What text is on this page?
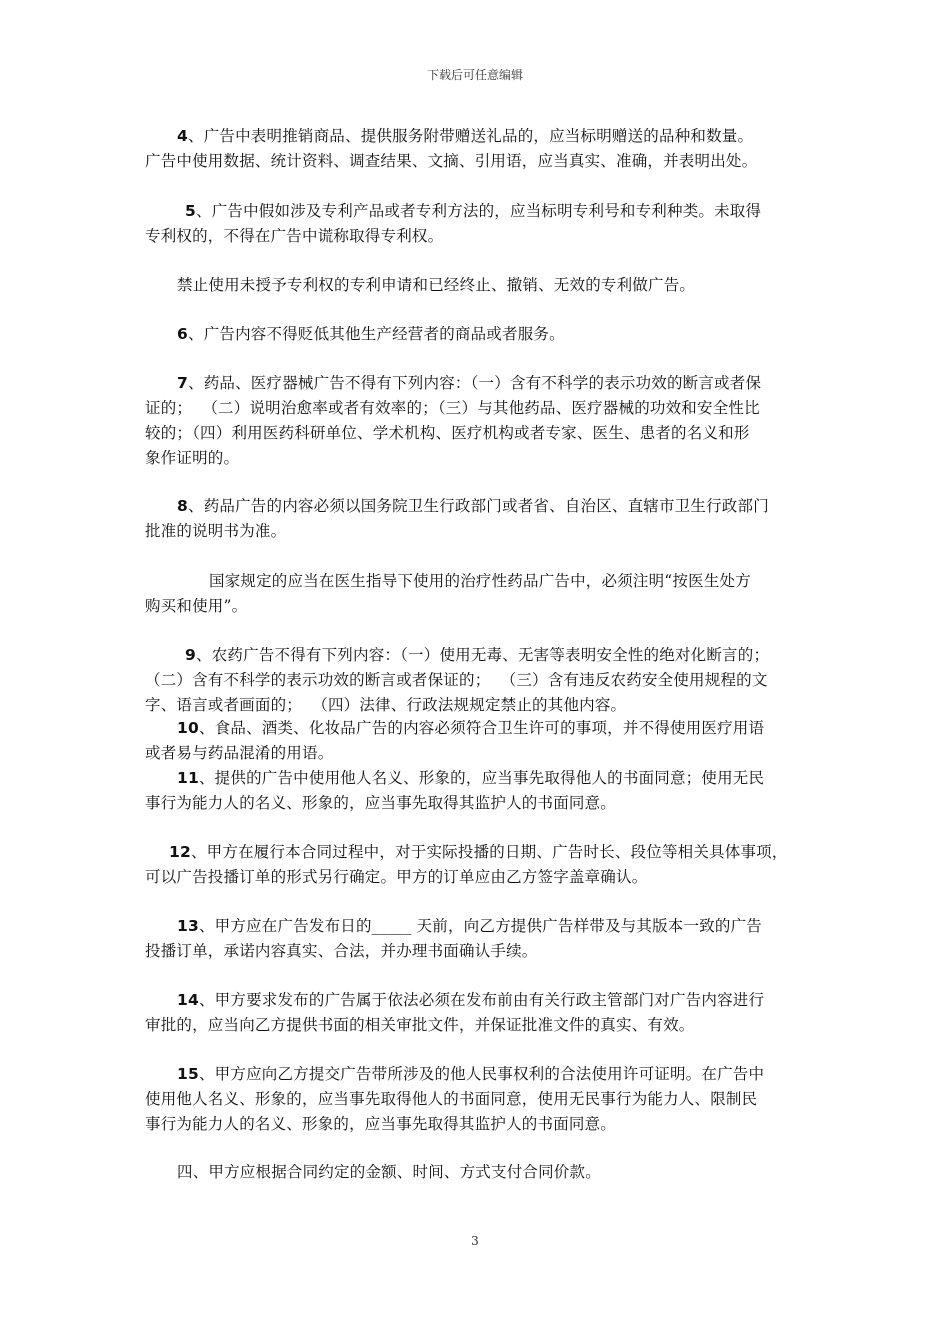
下载后可任意编辑
4、广告中表明推销商品、提供服务附带赠送礼品的，应当标明赠送的品种和数量。
广告中使用数据、统计资料、调查结果、文摘、引用语，应当真实、准确，并表明出处。
5、广告中假如涉及专利产品或者专利方法的，应当标明专利号和专利种类。未取得
专利权的，不得在广告中谎称取得专利权。
禁止使用未授予专利权的专利申请和已经终止、撤销、无效的专利做广告。
6、广告内容不得贬低其他生产经营者的商品或者服务。
7、药品、医疗器械广告不得有下列内容：（一）含有不科学的表示功效的断言或者保
证的；  （二）说明治愈率或者有效率的；（三）与其他药品、医疗器械的功效和安全性比
较的；（四）利用医药科研单位、学术机构、医疗机构或者专家、医生、患者的名义和形
象作证明的。
8、药品广告的内容必须以国务院卫生行政部门或者省、自治区、直辖市卫生行政部门
批准的说明书为准。
国家规定的应当在医生指导下使用的治疗性药品广告中，必须注明“按医生处方
购买和使用”。
9、农药广告不得有下列内容：（一）使用无毒、无害等表明安全性的绝对化断言的；
（二）含有不科学的表示功效的断言或者保证的；  （三）含有违反农药安全使用规程的文
字、语言或者画面的；  （四）法律、行政法规规定禁止的其他内容。
10、食品、酒类、化妆品广告的内容必须符合卫生许可的事项，并不得使用医疗用语
或者易与药品混淆的用语。
11、提供的广告中使用他人名义、形象的，应当事先取得他人的书面同意；使用无民
事行为能力人的名义、形象的，应当事先取得其监护人的书面同意。
12、甲方在履行本合同过程中，对于实际投播的日期、广告时长、段位等相关具体事项，
可以广告投播订单的形式另行确定。甲方的订单应由乙方签字盖章确认。
13、甲方应在广告发布日的_____ 天前，向乙方提供广告样带及与其版本一致的广告
投播订单，承诺内容真实、合法，并办理书面确认手续。
14、甲方要求发布的广告属于依法必须在发布前由有关行政主管部门对广告内容进行
审批的，应当向乙方提供书面的相关审批文件，并保证批准文件的真实、有效。
15、甲方应向乙方提交广告带所涉及的他人民事权利的合法使用许可证明。在广告中
使用他人名义、形象的，应当事先取得他人的书面同意，使用无民事行为能力人、限制民
事行为能力人的名义、形象的，应当事先取得其监护人的书面同意。
四、甲方应根据合同约定的金额、时间、方式支付合同价款。
3
